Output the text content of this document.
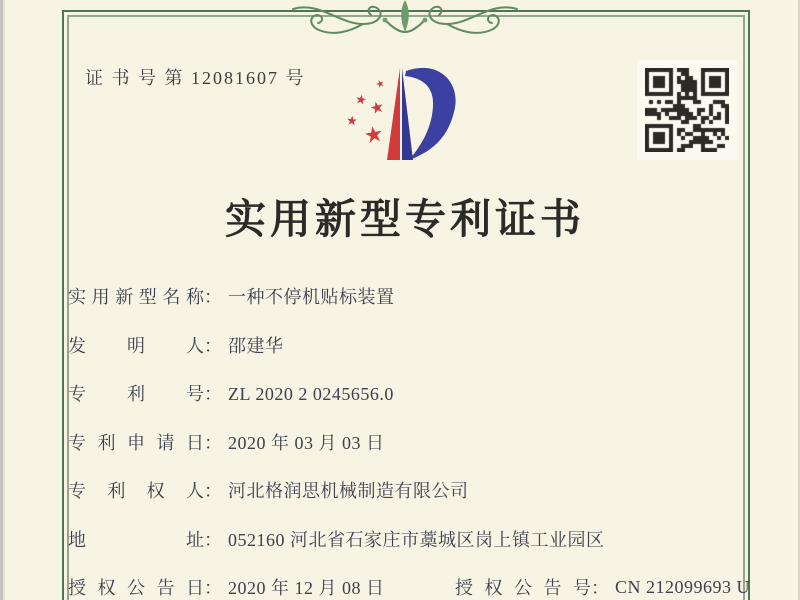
证 书 号 第 12081607 号	★
★ ★
★ ★
实用新型专利证书
实用新型名称 ： 一种不停机贴标装置
发明人 ： 邵建华
专利号 ： ZL 2020 2 0245656.0
专利申请日 ： 2020 年 03 月 03 日
专利权人 ： 河北格润思机械制造有限公司
地址 ： 052160 河北省石家庄市藁城区岗上镇工业园区
授权公告日 ： 2020 年 12 月 08 日	授权公告号 ： CN 212099693 U
